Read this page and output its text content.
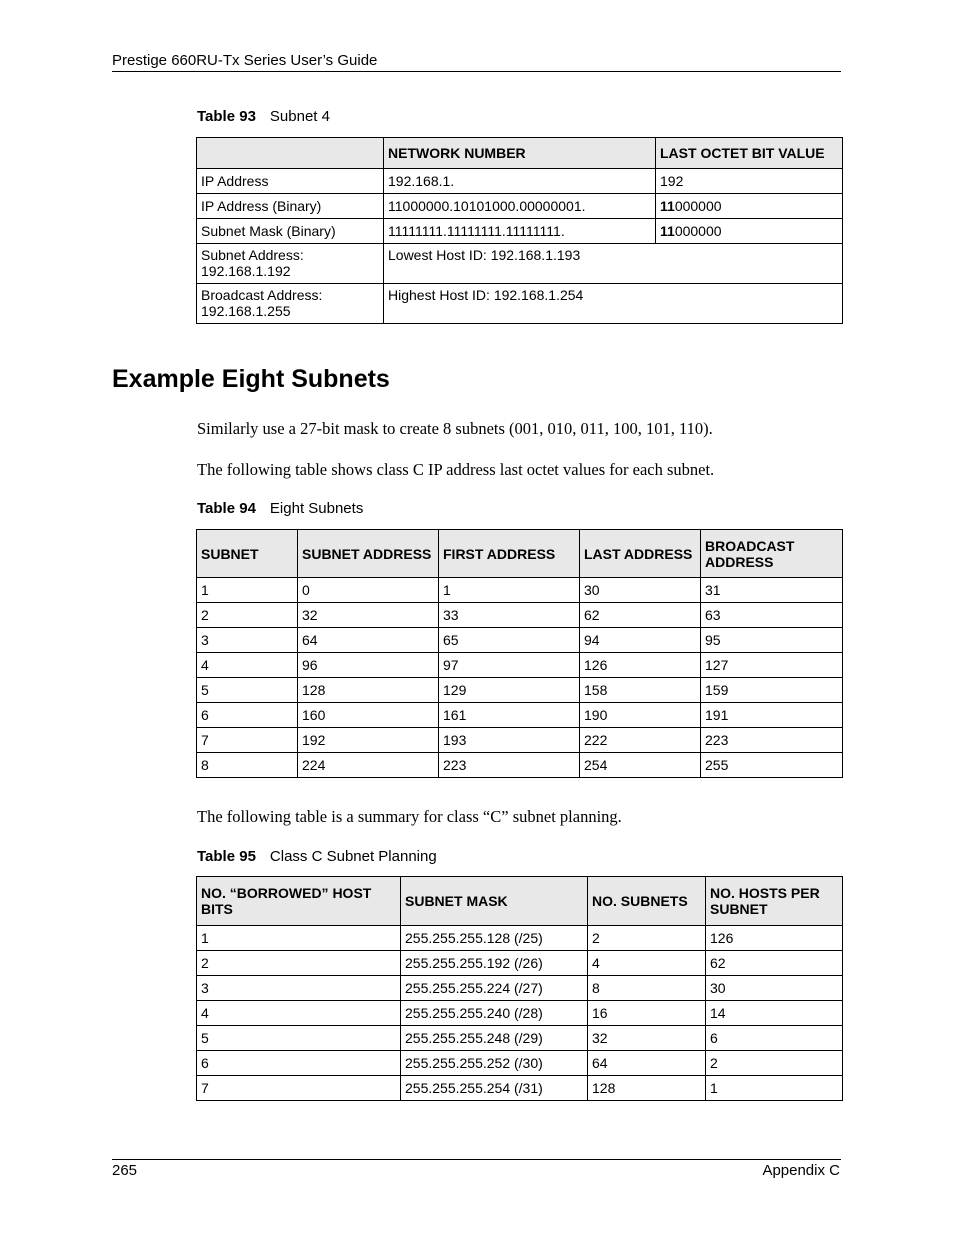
Prestige 660RU-Tx Series User’s Guide
Table 93 Subnet 4
	NETWORK NUMBER	LAST OCTET BIT VALUE
IP Address	192.168.1.	192
IP Address (Binary)	11000000.10101000.00000001.	11000000
Subnet Mask (Binary)	11111111.11111111.11111111.	11000000
Subnet Address:
192.168.1.192	Lowest Host ID: 192.168.1.193	
Broadcast Address:
192.168.1.255	Highest Host ID: 192.168.1.254	
Example Eight Subnets
Similarly use a 27-bit mask to create 8 subnets (001, 010, 011, 100, 101, 110).
The following table shows class C IP address last octet values for each subnet.
Table 94 Eight Subnets
SUBNET	SUBNET ADDRESS	FIRST ADDRESS	LAST ADDRESS	BROADCAST ADDRESS
1	0	1	30	31
2	32	33	62	63
3	64	65	94	95
4	96	97	126	127
5	128	129	158	159
6	160	161	190	191
7	192	193	222	223
8	224	223	254	255
The following table is a summary for class “C” subnet planning.
Table 95 Class C Subnet Planning
NO. “BORROWED” HOST BITS	SUBNET MASK	NO. SUBNETS	NO. HOSTS PER SUBNET
1	255.255.255.128 (/25)	2	126
2	255.255.255.192 (/26)	4	62
3	255.255.255.224 (/27)	8	30
4	255.255.255.240 (/28)	16	14
5	255.255.255.248 (/29)	32	6
6	255.255.255.252 (/30)	64	2
7	255.255.255.254 (/31)	128	1
265	Appendix C
